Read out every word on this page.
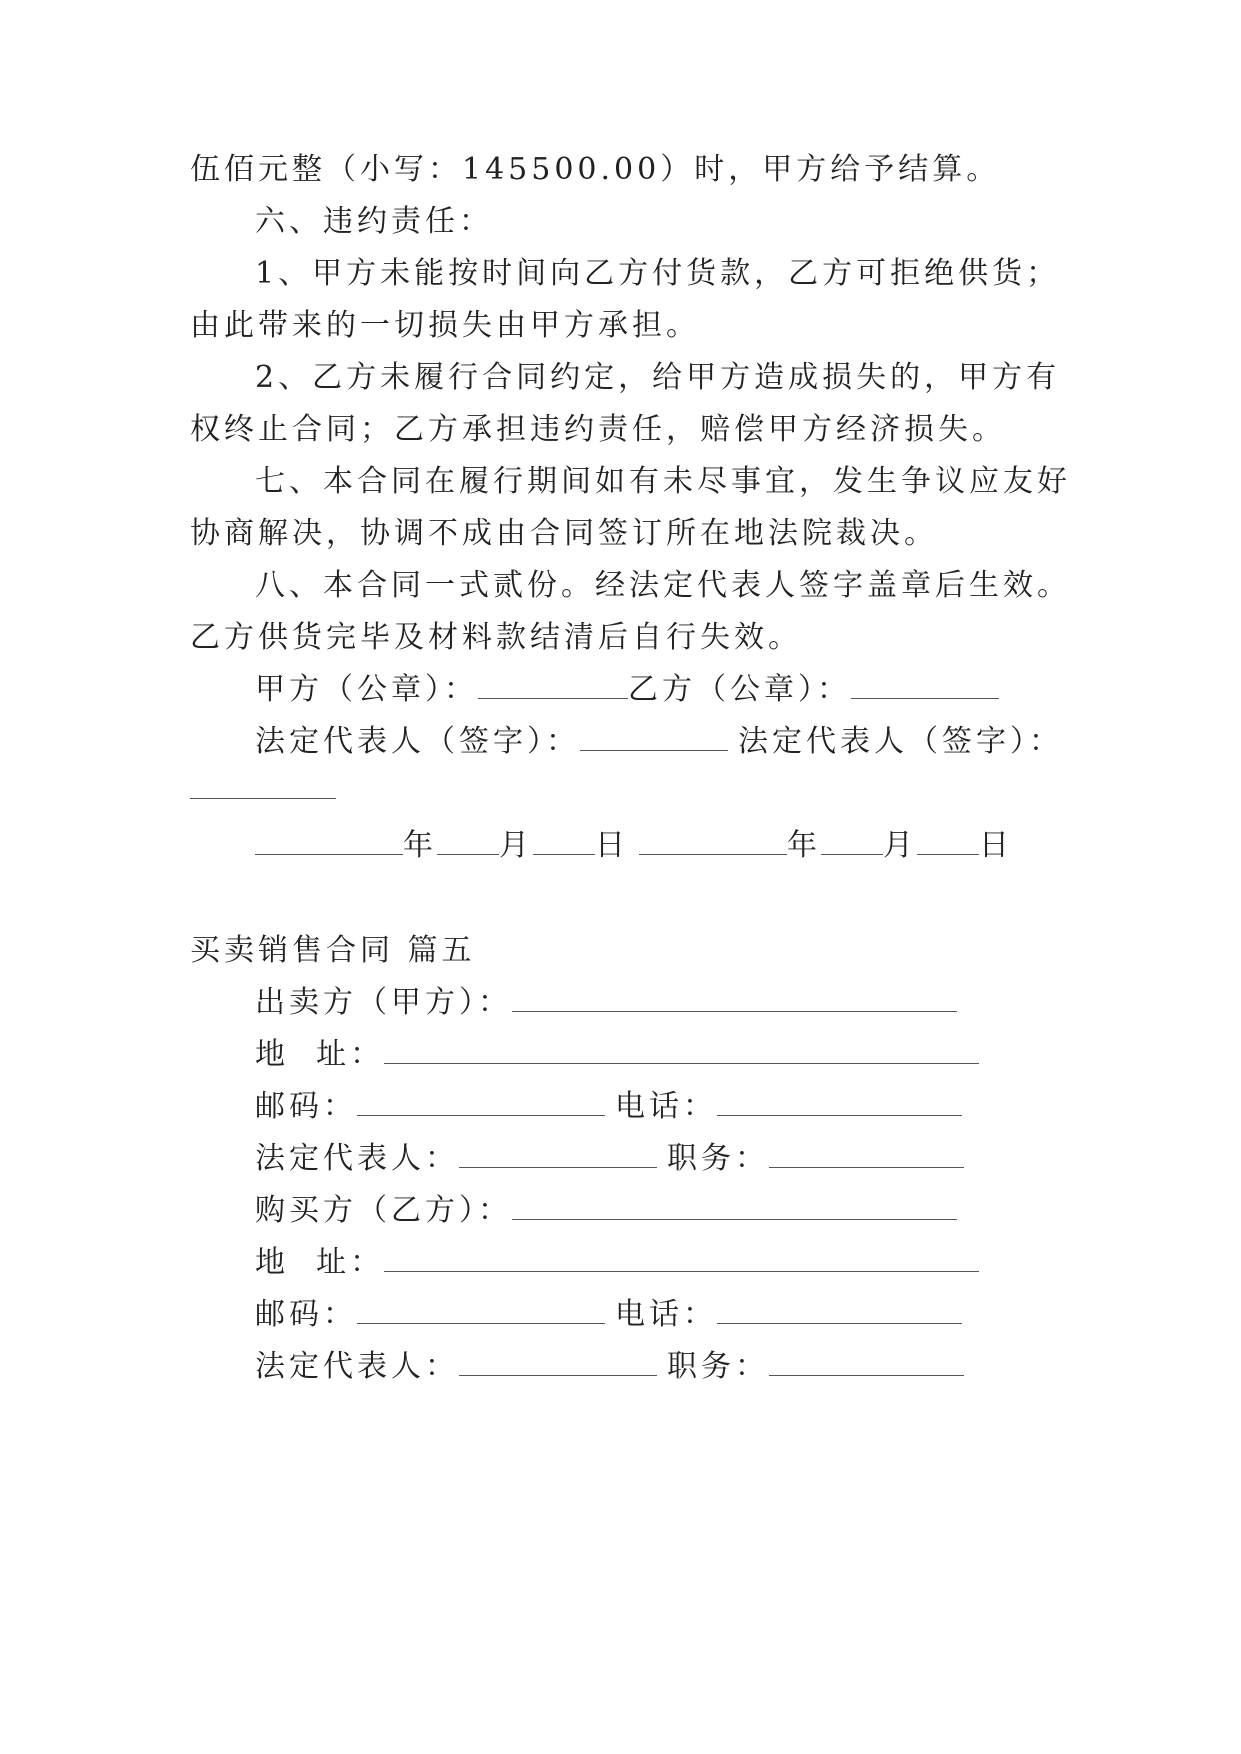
伍佰元整（小写：145500.00）时，甲方给予结算。
六、违约责任：
1、甲方未能按时间向乙方付货款，乙方可拒绝供货；
由此带来的一切损失由甲方承担。
2、乙方未履行合同约定，给甲方造成损失的，甲方有
权终止合同；乙方承担违约责任，赔偿甲方经济损失。
七、本合同在履行期间如有未尽事宜，发生争议应友好
协商解决，协调不成由合同签订所在地法院裁决。
八、本合同一式贰份。经法定代表人签字盖章后生效。
乙方供货完毕及材料款结清后自行失效。
甲方（公章）：	乙方（公章）：
法定代表人（签字）：	法定代表人（签字）：
年 月 日	年 月 日
买卖销售合同 篇五
出卖方（甲方）：
地  址：
邮码：	电话：
法定代表人：	职务：
购买方（乙方）：
地  址：
邮码：	电话：
法定代表人：	职务：
